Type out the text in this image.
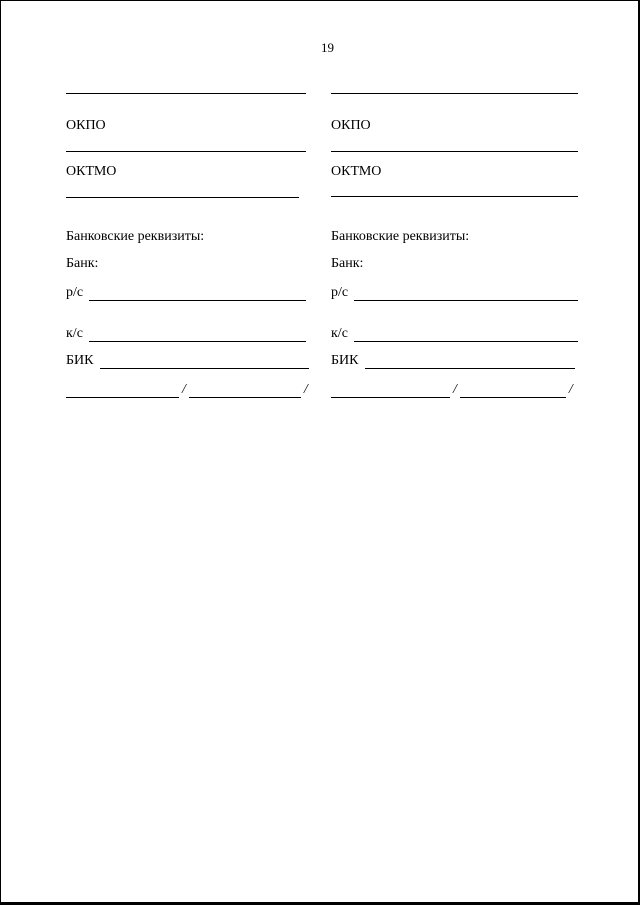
19
ОКПО
ОКТМО
Банковские реквизиты:
Банк:
р/с
к/с
БИК
/	/
ОКПО
ОКТМО
Банковские реквизиты:
Банк:
р/с
к/с
БИК
/	/
